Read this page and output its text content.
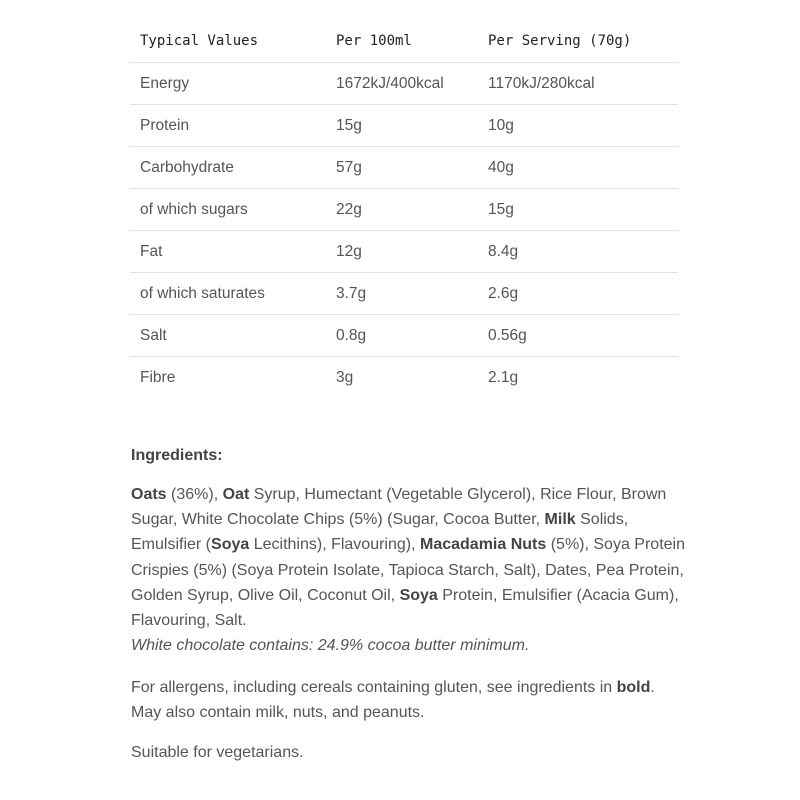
Typical Values	Per 100ml	Per Serving (70g)
Energy	1672kJ/400kcal	1170kJ/280kcal
Protein	15g	10g
Carbohydrate	57g	40g
of which sugars	22g	15g
Fat	12g	8.4g
of which saturates	3.7g	2.6g
Salt	0.8g	0.56g
Fibre	3g	2.1g
Ingredients:

Oats (36%), Oat Syrup, Humectant (Vegetable Glycerol), Rice Flour, Brown Sugar, White Chocolate Chips (5%) (Sugar, Cocoa Butter, Milk Solids, Emulsifier (Soya Lecithins), Flavouring), Macadamia Nuts (5%), Soya Protein Crispies (5%) (Soya Protein Isolate, Tapioca Starch, Salt), Dates, Pea Protein, Golden Syrup, Olive Oil, Coconut Oil, Soya Protein, Emulsifier (Acacia Gum), Flavouring, Salt.

White chocolate contains: 24.9% cocoa butter minimum.

For allergens, including cereals containing gluten, see ingredients in bold.

May also contain milk, nuts, and peanuts.

Suitable for vegetarians.
